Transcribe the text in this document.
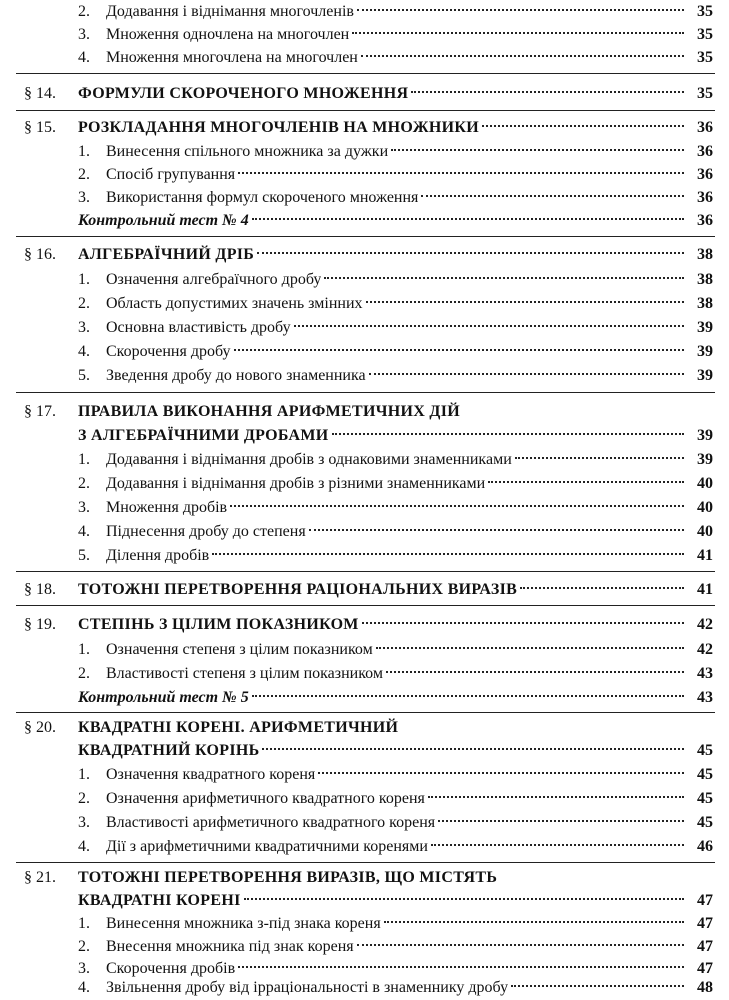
2.	Додавання і віднімання многочленів	35
3.	Множення одночлена на многочлен	35
4.	Множення многочлена на многочлен	35
§ 14.	ФОРМУЛИ СКОРОЧЕНОГО МНОЖЕННЯ	35
§ 15.	РОЗКЛАДАННЯ МНОГОЧЛЕНІВ НА МНОЖНИКИ	36
1.	Винесення спільного множника за дужки	36
2.	Спосіб групування	36
3.	Використання формул скороченого множення	36
Контрольний тест № 4	36
§ 16.	АЛГЕБРАЇЧНИЙ ДРІБ	38
1.	Означення алгебраїчного дробу	38
2.	Область допустимих значень змінних	38
3.	Основна властивість дробу	39
4.	Скорочення дробу	39
5.	Зведення дробу до нового знаменника	39
§ 17.	ПРАВИЛА ВИКОНАННЯ АРИФМЕТИЧНИХ ДІЙ
З АЛГЕБРАЇЧНИМИ ДРОБАМИ	39
1.	Додавання і віднімання дробів з однаковими знаменниками	39
2.	Додавання і віднімання дробів з різними знаменниками	40
3.	Множення дробів	40
4.	Піднесення дробу до степеня	40
5.	Ділення дробів	41
§ 18.	ТОТОЖНІ ПЕРЕТВОРЕННЯ РАЦІОНАЛЬНИХ ВИРАЗІВ	41
§ 19.	СТЕПІНЬ З ЦІЛИМ ПОКАЗНИКОМ	42
1.	Означення степеня з цілим показником	42
2.	Властивості степеня з цілим показником	43
Контрольний тест № 5	43
§ 20.	КВАДРАТНІ КОРЕНІ. АРИФМЕТИЧНИЙ
КВАДРАТНИЙ КОРІНЬ	45
1.	Означення квадратного кореня	45
2.	Означення арифметичного квадратного кореня	45
3.	Властивості арифметичного квадратного кореня	45
4.	Дії з арифметичними квадратичними коренями	46
§ 21.	ТОТОЖНІ ПЕРЕТВОРЕННЯ ВИРАЗІВ, ЩО МІСТЯТЬ
КВАДРАТНІ КОРЕНІ	47
1.	Винесення множника з-під знака кореня	47
2.	Внесення множника під знак кореня	47
3.	Скорочення дробів	47
4.	Звільнення дробу від ірраціональності в знаменнику дробу	48
